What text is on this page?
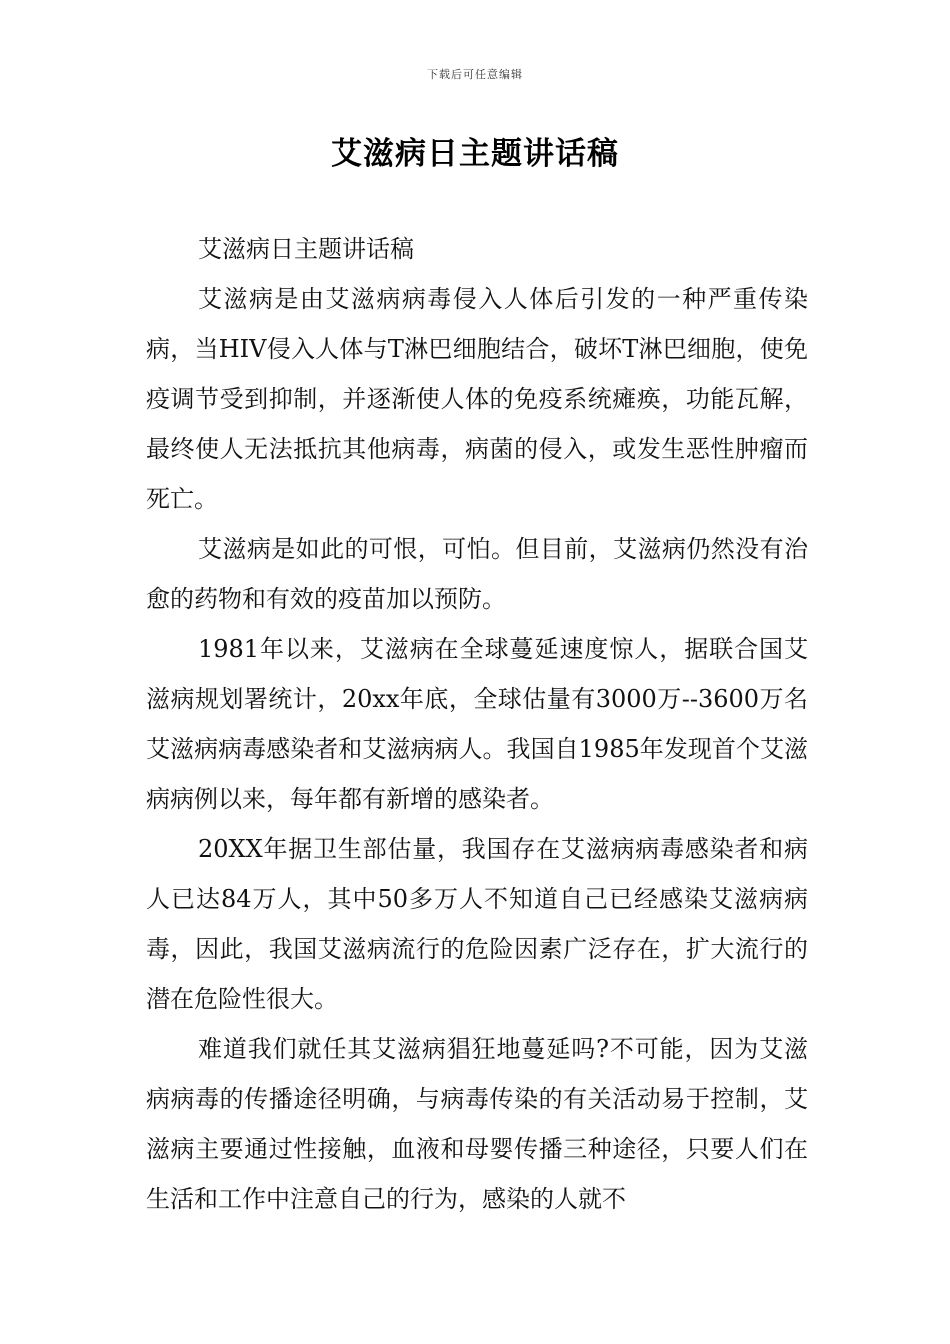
下载后可任意编辑
艾滋病日主题讲话稿

艾滋病日主题讲话稿

艾滋病是由艾滋病病毒侵入人体后引发的一种严重传染病，当HIV侵入人体与T淋巴细胞结合，破坏T淋巴细胞，使免疫调节受到抑制，并逐渐使人体的免疫系统瘫痪，功能瓦解，最终使人无法抵抗其他病毒，病菌的侵入，或发生恶性肿瘤而死亡。

艾滋病是如此的可恨，可怕。但目前，艾滋病仍然没有治愈的药物和有效的疫苗加以预防。

1981年以来，艾滋病在全球蔓延速度惊人，据联合国艾滋病规划署统计，20xx年底，全球估量有3000万--3600万名艾滋病病毒感染者和艾滋病病人。我国自1985年发现首个艾滋病病例以来，每年都有新增的感染者。

20XX年据卫生部估量，我国存在艾滋病病毒感染者和病人已达84万人，其中50多万人不知道自己已经感染艾滋病病毒，因此，我国艾滋病流行的危险因素广泛存在，扩大流行的潜在危险性很大。

难道我们就任其艾滋病猖狂地蔓延吗?不可能，因为艾滋病病毒的传播途径明确，与病毒传染的有关活动易于控制，艾滋病主要通过性接触，血液和母婴传播三种途径，只要人们在生活和工作中注意自己的行为，感染的人就不
